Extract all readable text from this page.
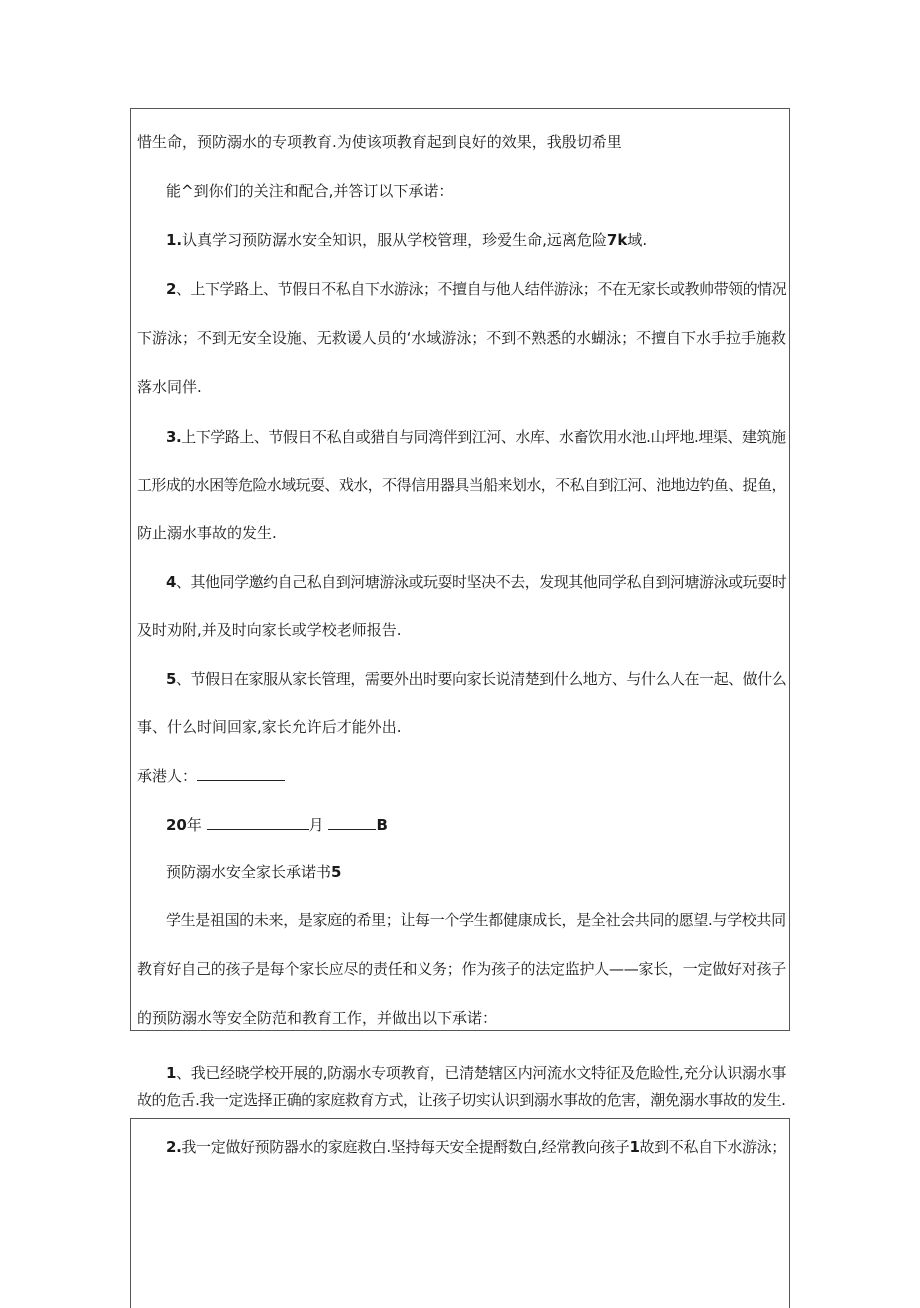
惜生命，预防溺水的专项教育.为使该项教育起到良好的效果，我殷切希里

能^到你们的关注和配合,并答订以下承诺：

1.认真学习预防潺水安全知识，服从学校管理，珍爱生命,远离危险7k域.

2、上下学路上、节假日不私自下水游泳；不擅自与他人结伴游泳；不在无家长或教帅带领的情况

下游泳；不到无安全设施、无救谖人员的‘水域游泳；不到不熟悉的水蝴泳；不擅自下水手拉手施救

落水同伴.

3.上下学路上、节假日不私自或猎自与同湾伴到江河、水库、水畜饮用水池.山坪地.埋渠、建筑施

工形成的水困等危险水域玩耍、戏水，不得信用器具当船来划水，不私自到江河、池地边钓鱼、捉鱼，

防止溺水事故的发生.

4、其他同学邀约自己私自到河塘游泳或玩耍时坚决不去，发现其他同学私自到河塘游泳或玩耍时

及时劝附,并及时向家长或学校老师报告.

5、节假日在家服从家长管理，需要外出时要向家长说清楚到什么地方、与什么人在一起、做什么

事、什么时间回家,家长允许后才能外出.

承港人：

20年	月	B

预防溺水安全家长承诺书5

学生是祖国的未来，是家庭的希里；让每一个学生都健康成长，是全社会共同的愿望.与学校共同

教育好自己的孩子是每个家长应尽的责任和义务；作为孩子的法定监护人——家长，一定做好对孩子

的预防溺水等安全防范和教育工作，并做出以下承诺：

1、我已经晓学校开展的,防溺水专项教育，已清楚辖区内河流水文特征及危睑性,充分认识溺水事

故的危舌.我一定选择正确的家庭救育方式，让孩子切实认识到溺水事故的危害，潮免溺水事故的发生.

2.我一定做好预防器水的家庭救白.坚持每天安全提酹数白,经常教向孩子1故到不私自下水游泳；
